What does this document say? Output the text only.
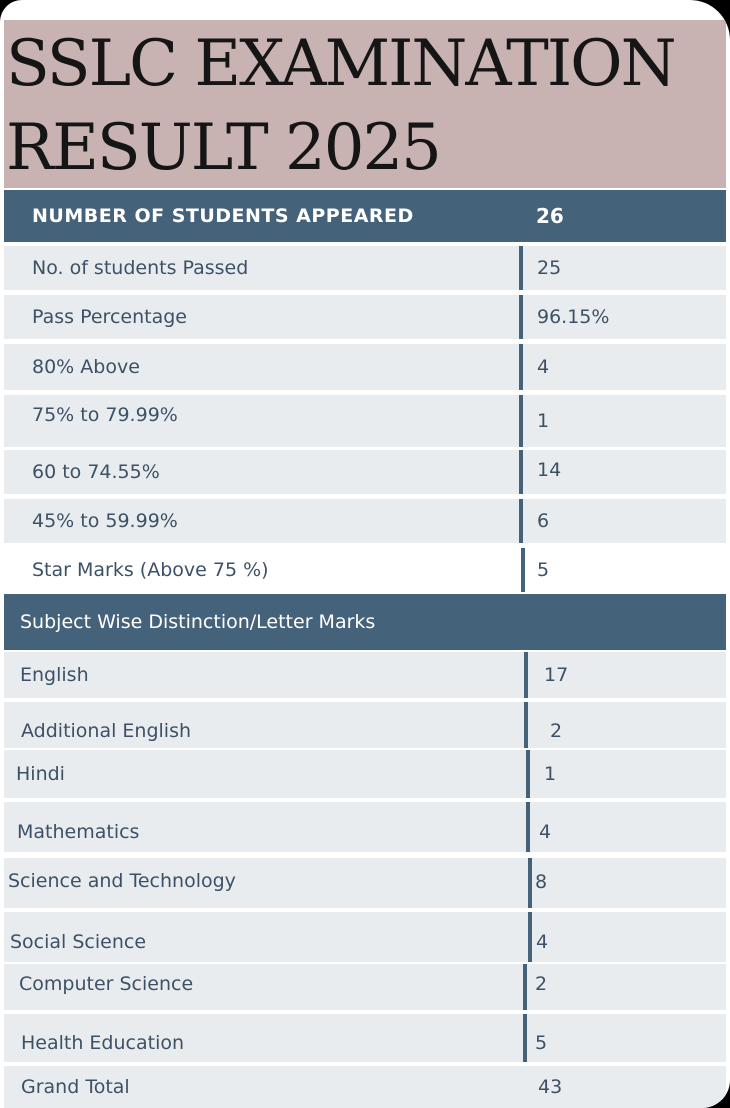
SSLC EXAMINATION
RESULT 2025
NUMBER OF STUDENTS APPEARED	26
No. of students Passed	25
Pass Percentage	96.15%
80% Above	4
75% to 79.99%	1
60 to 74.55%	14
45% to 59.99%	6
Star Marks (Above 75 %)	5
Subject Wise Distinction/Letter Marks
English	17
Additional English	2
Hindi	1
Mathematics	4
Science and Technology	8
Social Science	4
Computer Science	2
Health Education	5
Grand Total	43
